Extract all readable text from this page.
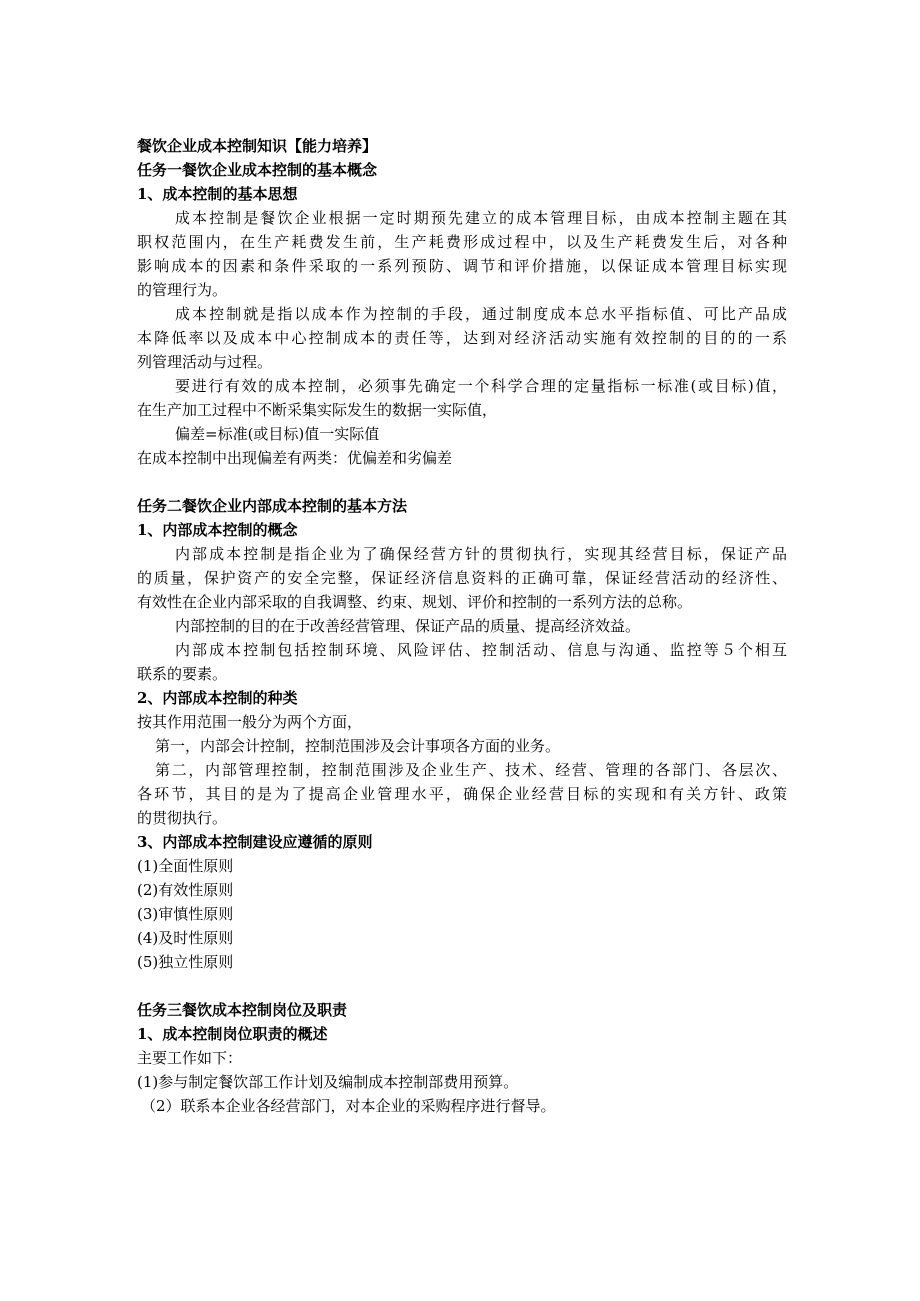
餐饮企业成本控制知识【能力培养】
任务一餐饮企业成本控制的基本概念
1、成本控制的基本思想
成本控制是餐饮企业根据一定时期预先建立的成本管理目标，由成本控制主题在其
职权范围内，在生产耗费发生前，生产耗费形成过程中，以及生产耗费发生后，对各种
影响成本的因素和条件采取的一系列预防、调节和评价措施，以保证成本管理目标实现
的管理行为。
成本控制就是指以成本作为控制的手段，通过制度成本总水平指标值、可比产品成
本降低率以及成本中心控制成本的责任等，达到对经济活动实施有效控制的目的的一系
列管理活动与过程。
要进行有效的成本控制，必须事先确定一个科学合理的定量指标一标准(或目标)值，
在生产加工过程中不断采集实际发生的数据一实际值，
偏差=标准(或目标)值一实际值
在成本控制中出现偏差有两类：优偏差和劣偏差
任务二餐饮企业内部成本控制的基本方法
1、内部成本控制的概念
内部成本控制是指企业为了确保经营方针的贯彻执行，实现其经营目标，保证产品
的质量，保护资产的安全完整，保证经济信息资料的正确可靠，保证经营活动的经济性、
有效性在企业内部采取的自我调整、约束、规划、评价和控制的一系列方法的总称。
内部控制的目的在于改善经营管理、保证产品的质量、提高经济效益。
内部成本控制包括控制环境、风险评估、控制活动、信息与沟通、监控等５个相互
联系的要素。
2、内部成本控制的种类
按其作用范围一般分为两个方面，
第一，内部会计控制，控制范围涉及会计事项各方面的业务。
第二，内部管理控制，控制范围涉及企业生产、技术、经营、管理的各部门、各层次、
各环节，其目的是为了提高企业管理水平，确保企业经营目标的实现和有关方针、政策
的贯彻执行。
3、内部成本控制建设应遵循的原则
(1)全面性原则
(2)有效性原则
(3)审慎性原则
(4)及时性原则
(5)独立性原则
任务三餐饮成本控制岗位及职责
1、成本控制岗位职责的概述
主要工作如下：
(1)参与制定餐饮部工作计划及编制成本控制部费用预算。
（2）联系本企业各经营部门，对本企业的采购程序进行督导。
